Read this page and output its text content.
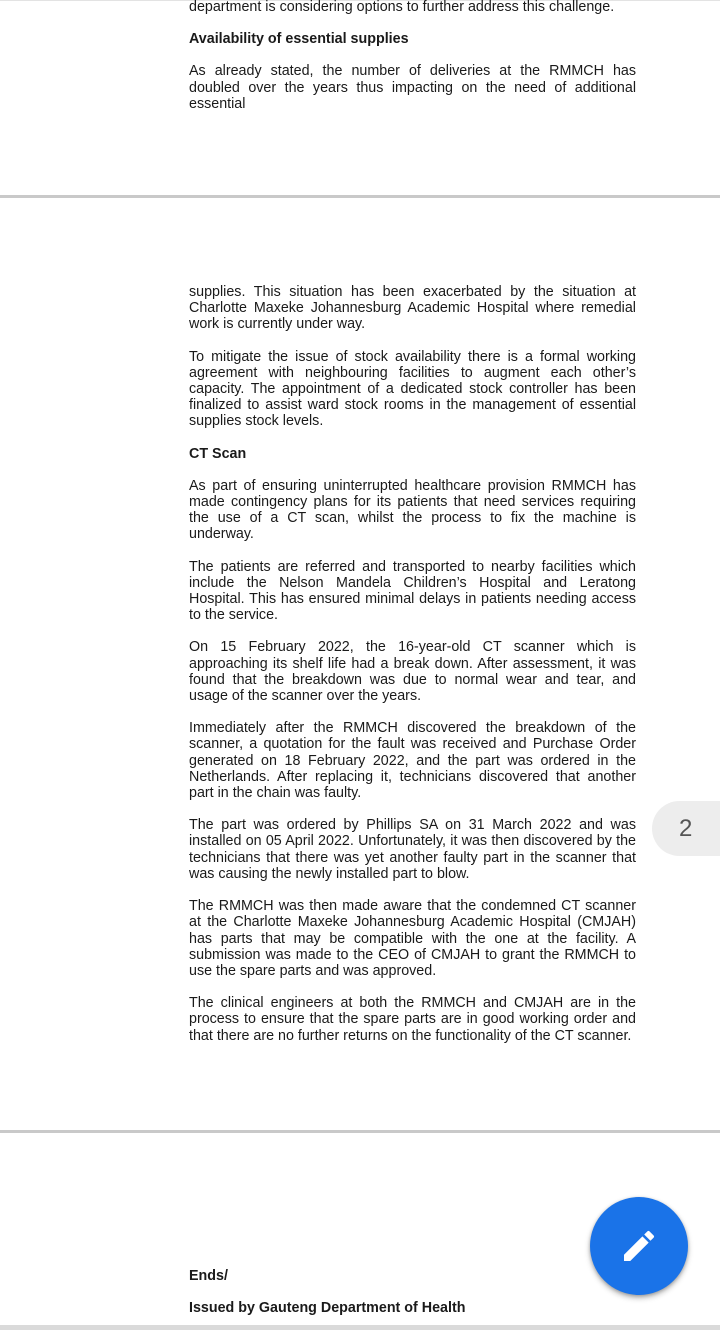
department is considering options to further address this challenge.

Availability of essential supplies

As already stated, the number of deliveries at the RMMCH has doubled over the years thus impacting on the need of additional essential

supplies. This situation has been exacerbated by the situation at Charlotte Maxeke Johannesburg Academic Hospital where remedial work is currently under way.

To mitigate the issue of stock availability there is a formal working agreement with neighbouring facilities to augment each other’s capacity. The appointment of a dedicated stock controller has been finalized to assist ward stock rooms in the management of essential supplies stock levels.

CT Scan

As part of ensuring uninterrupted healthcare provision RMMCH has made contingency plans for its patients that need services requiring the use of a CT scan, whilst the process to fix the machine is underway.

The patients are referred and transported to nearby facilities which include the Nelson Mandela Children’s Hospital and Leratong Hospital. This has ensured minimal delays in patients needing access to the service.

On 15 February 2022, the 16-year-old CT scanner which is approaching its shelf life had a break down. After assessment, it was found that the breakdown was due to normal wear and tear, and usage of the scanner over the years.

Immediately after the RMMCH discovered the breakdown of the scanner, a quotation for the fault was received and Purchase Order generated on 18 February 2022, and the part was ordered in the Netherlands. After replacing it, technicians discovered that another part in the chain was faulty.

The part was ordered by Phillips SA on 31 March 2022 and was installed on 05 April 2022. Unfortunately, it was then discovered by the technicians that there was yet another faulty part in the scanner that was causing the newly installed part to blow.

The RMMCH was then made aware that the condemned CT scanner at the Charlotte Maxeke Johannesburg Academic Hospital (CMJAH) has parts that may be compatible with the one at the facility. A submission was made to the CEO of CMJAH to grant the RMMCH to use the spare parts and was approved.

The clinical engineers at both the RMMCH and CMJAH are in the process to ensure that the spare parts are in good working order and that there are no further returns on the functionality of the CT scanner.

Ends/

Issued by Gauteng Department of Health

2
